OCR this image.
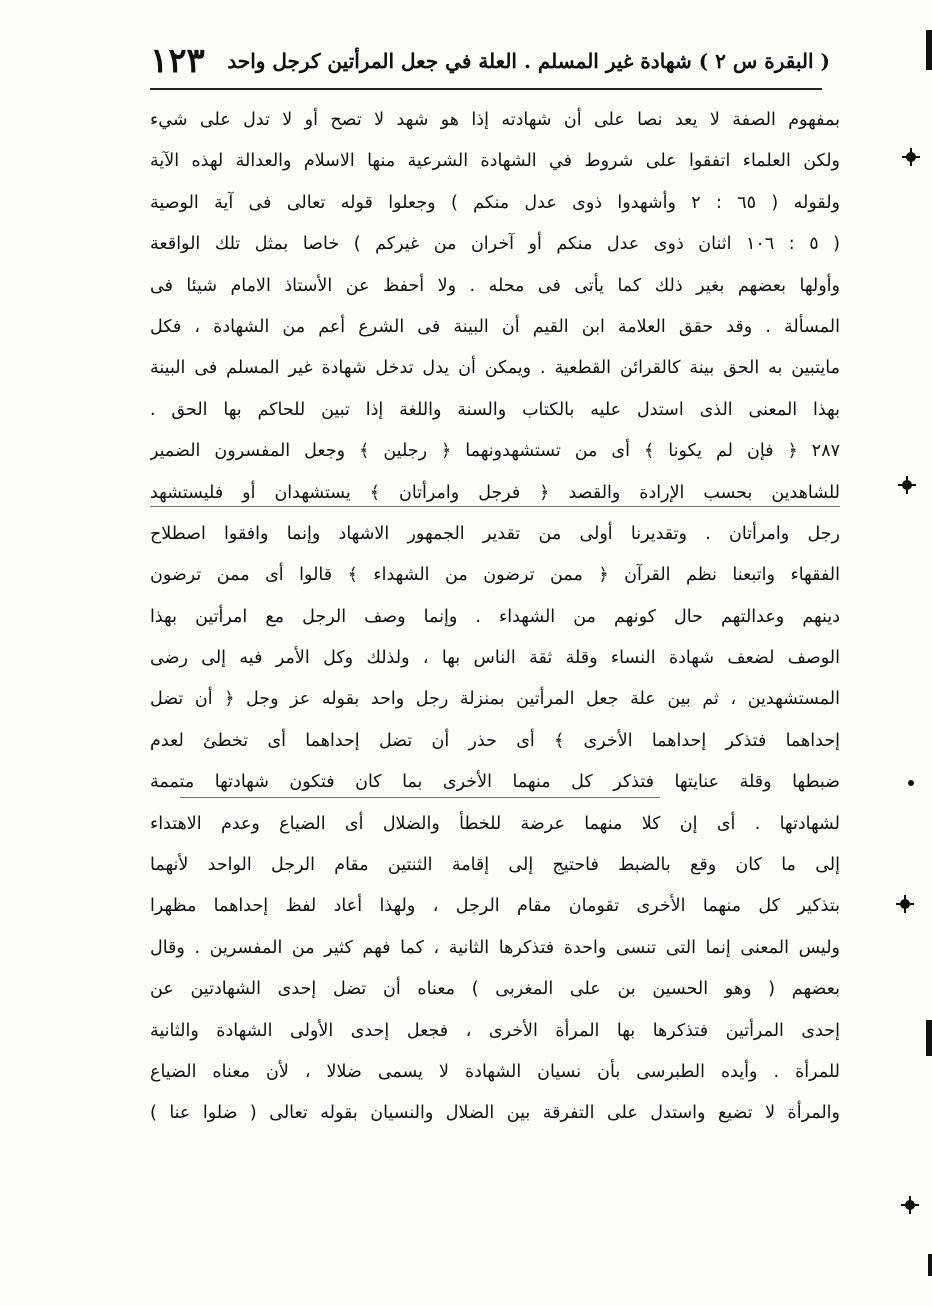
( البقرة س ٢ ) شهادة غير المسلم . العلة في جعل المرأتين كرجل واحد
١٢٣
بمفهوم الصفة لا يعد نصا على أن شهادته إذا هو شهد لا تصح أو لا تدل على شيء
ولكن العلماء اتفقوا على شروط في الشهادة الشرعية منها الاسلام والعدالة لهذه الآية
ولقوله ( ٦٥ : ٢ وأشهدوا ذوى عدل منكم ) وجعلوا قوله تعالى فى آية الوصية
( ٥ : ١٠٦ اثنان ذوى عدل منكم أو آخران من غيركم ) خاصا بمثل تلك الواقعة
وأولها بعضهم بغير ذلك كما يأتى فى محله . ولا أحفظ عن الأستاذ الامام شيئا فى
المسألة . وقد حقق العلامة ابن القيم أن البينة فى الشرع أعم من الشهادة ، فكل
مايتبين به الحق بينة كالقرائن القطعية . ويمكن أن يدل تدخل شهادة غير المسلم فى البينة
بهذا المعنى الذى استدل عليه بالكتاب والسنة واللغة إذا تبين للحاكم بها الحق .
٢٨٧ ﴿ فإن لم يكونا ﴾ أى من تستشهدونهما ﴿ رجلين ﴾ وجعل المفسرون الضمير
للشاهدين بحسب الإرادة والقصد ﴿ فرجل وامرأتان ﴾ يستشهدان أو فليستشهد
رجل وامرأتان . وتقديرنا أولى من تقدير الجمهور الاشهاد وإنما وافقوا اصطلاح
الفقهاء واتبعنا نظم القرآن ﴿ ممن ترضون من الشهداء ﴾ قالوا أى ممن ترضون
دينهم وعدالتهم حال كونهم من الشهداء . وإنما وصف الرجل مع امرأتين بهذا
الوصف لضعف شهادة النساء وقلة ثقة الناس بها ، ولذلك وكل الأمر فيه إلى رضى
المستشهدين ، ثم بين علة جعل المرأتين بمنزلة رجل واحد بقوله عز وجل ﴿ أن تضل
إحداهما فتذكر إحداهما الأخرى ﴾ أى حذر أن تضل إحداهما أى تخطئ لعدم
ضبطها وقلة عنايتها فتذكر كل منهما الأخرى بما كان فتكون شهادتها متممة
لشهادتها . أى إن كلا منهما عرضة للخطأ والضلال أى الضياع وعدم الاهتداء
إلى ما كان وقع بالضبط فاحتيج إلى إقامة الثنتين مقام الرجل الواحد لأنهما
بتذكير كل منهما الأخرى تقومان مقام الرجل ، ولهذا أعاد لفظ إحداهما مظهرا
وليس المعنى إنما التى تنسى واحدة فتذكرها الثانية ، كما فهم كثير من المفسرين . وقال
بعضهم ( وهو الحسين بن على المغربى ) معناه أن تضل إحدى الشهادتين عن
إحدى المرأتين فتذكرها بها المرأة الأخرى ، فجعل إحدى الأولى الشهادة والثانية
للمرأة . وأيده الطبرسى بأن نسيان الشهادة لا يسمى ضلالا ، لأن معناه الضياع
والمرأة لا تضيع واستدل على التفرقة بين الضلال والنسيان بقوله تعالى ( ضلوا عنا )
